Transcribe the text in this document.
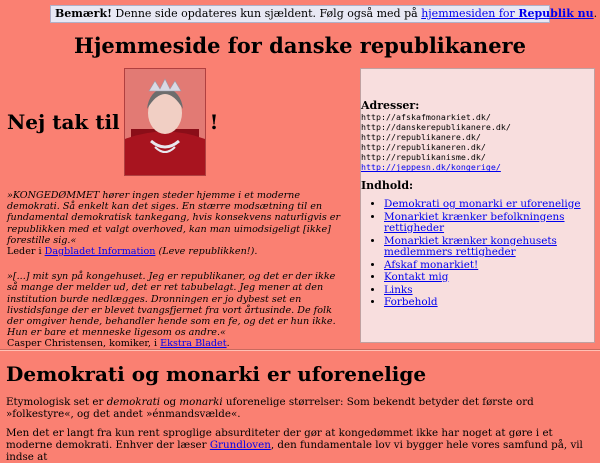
Bemærk! Denne side opdateres kun sjældent. Følg også med på hjemmesiden for Republik nu.
Hjemmeside for danske republikanere
Nej tak til	!

»KONGEDØMMET hører ingen steder hjemme i et moderne demokrati. Så enkelt kan det siges. En stærre modsætning til en fundamental demokratisk tankegang, hvis konsekvens naturligvis er republikken med et valgt overhoved, kan man uimodsigeligt [ikke] forestille sig.«
Leder i Dagbladet Information (Leve republikken!).

»[...] mit syn på kongehuset. Jeg er republikaner, og det er der ikke så mange der melder ud, det er ret tabubelagt. Jeg mener at den institution burde nedlægges. Dronningen er jo dybest set en livstidsfange der er blevet tvangsfjernet fra vort årtusinde. De folk der omgiver hende, behandler hende som en fe, og det er hun ikke. Hun er bare et menneske ligesom os andre.«
Casper Christensen, komiker, i Ekstra Bladet.

Adresser:
http://afskafmonarkiet.dk/
http://danskerepublikanere.dk/
http://republikanere.dk/
http://republikaneren.dk/
http://republikanisme.dk/
http://jeppesn.dk/kongerige/
Indhold:
• Demokrati og monarki er uforenelige
• Monarkiet krænker befolkningens rettigheder
• Monarkiet krænker kongehusets medlemmers rettigheder
• Afskaf monarkiet!
• Kontakt mig
• Links
• Forbehold
Demokrati og monarki er uforenelige

Etymologisk set er demokrati og monarki uforenelige størrelser: Som bekendt betyder det første ord »folkestyre«, og det andet »énmandsvælde«.

Men det er langt fra kun rent sproglige absurditeter der gør at kongedømmet ikke har noget at gøre i et moderne demokrati. Enhver der læser Grundloven, den fundamentale lov vi bygger hele vores samfund på, vil indse at
